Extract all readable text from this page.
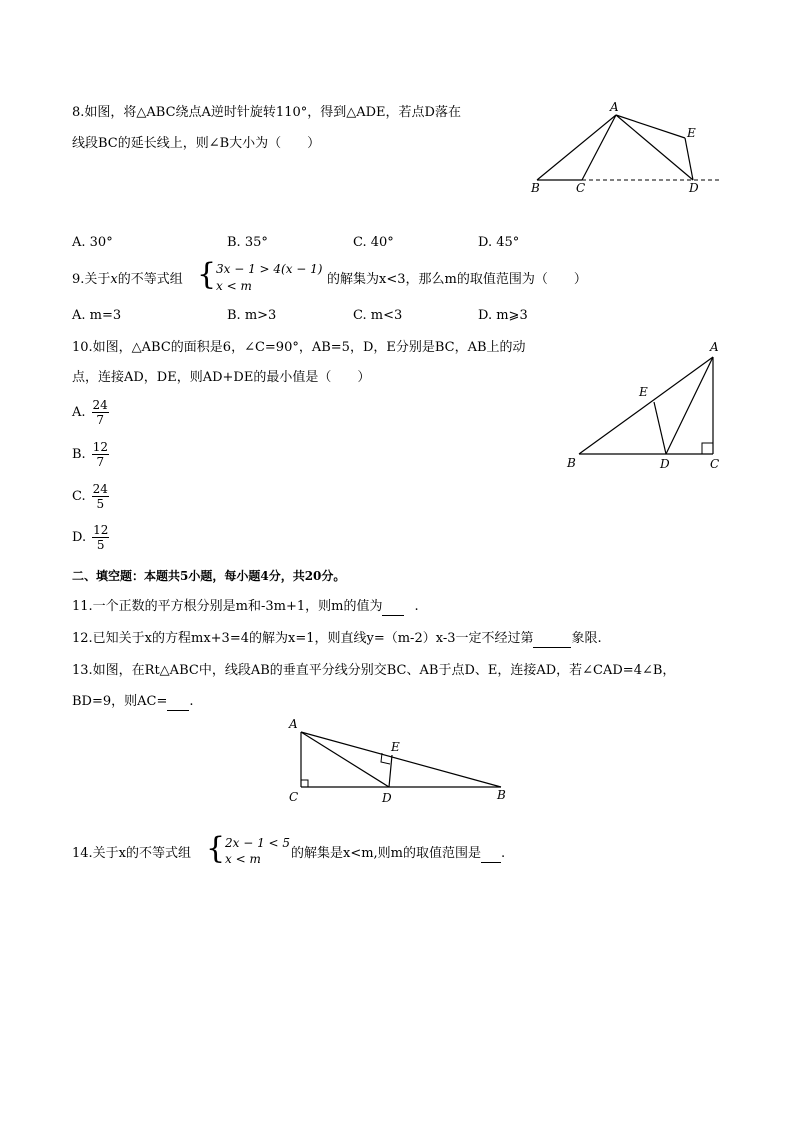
8.如图，将△ABC绕点A逆时针旋转110°，得到△ADE，若点D落在
线段BC的延长线上，则∠B大小为（　　）
A
E
B	C	D
A. 30°	B. 35°	C. 40°	D. 45°
9.关于x的不等式组 { 3x − 1 > 4(x − 1)
x < m	的解集为x<3，那么m的取值范围为（　　）
A. m=3	B. m>3	C. m<3	D. m⩾3
10.如图，△ABC的面积是6，∠C=90°，AB=5，D，E分别是BC，AB上的动
点，连接AD，DE，则AD+DE的最小值是（　　）
A
E
B	D	C
A. $\frac{24}{7}$
B. $\frac{12}{7}$
C. $\frac{24}{5}$
D. $\frac{12}{5}$
二、填空题：本题共5小题，每小题4分，共20分。
11.一个正数的平方根分别是m和-3m+1，则m的值为 .
12.已知关于x的方程mx+3=4的解为x=1，则直线y=（m-2）x-3一定不经过第	象限.
13.如图，在Rt△ABC中，线段AB的垂直平分线分别交BC、AB于点D、E，连接AD，若∠CAD=4∠B，
BD=9，则AC= .
A
E
C	D	B
14.关于x的不等式组 { 2x − 1 < 5
x < m 的解集是x<m,则m的取值范围是 .
